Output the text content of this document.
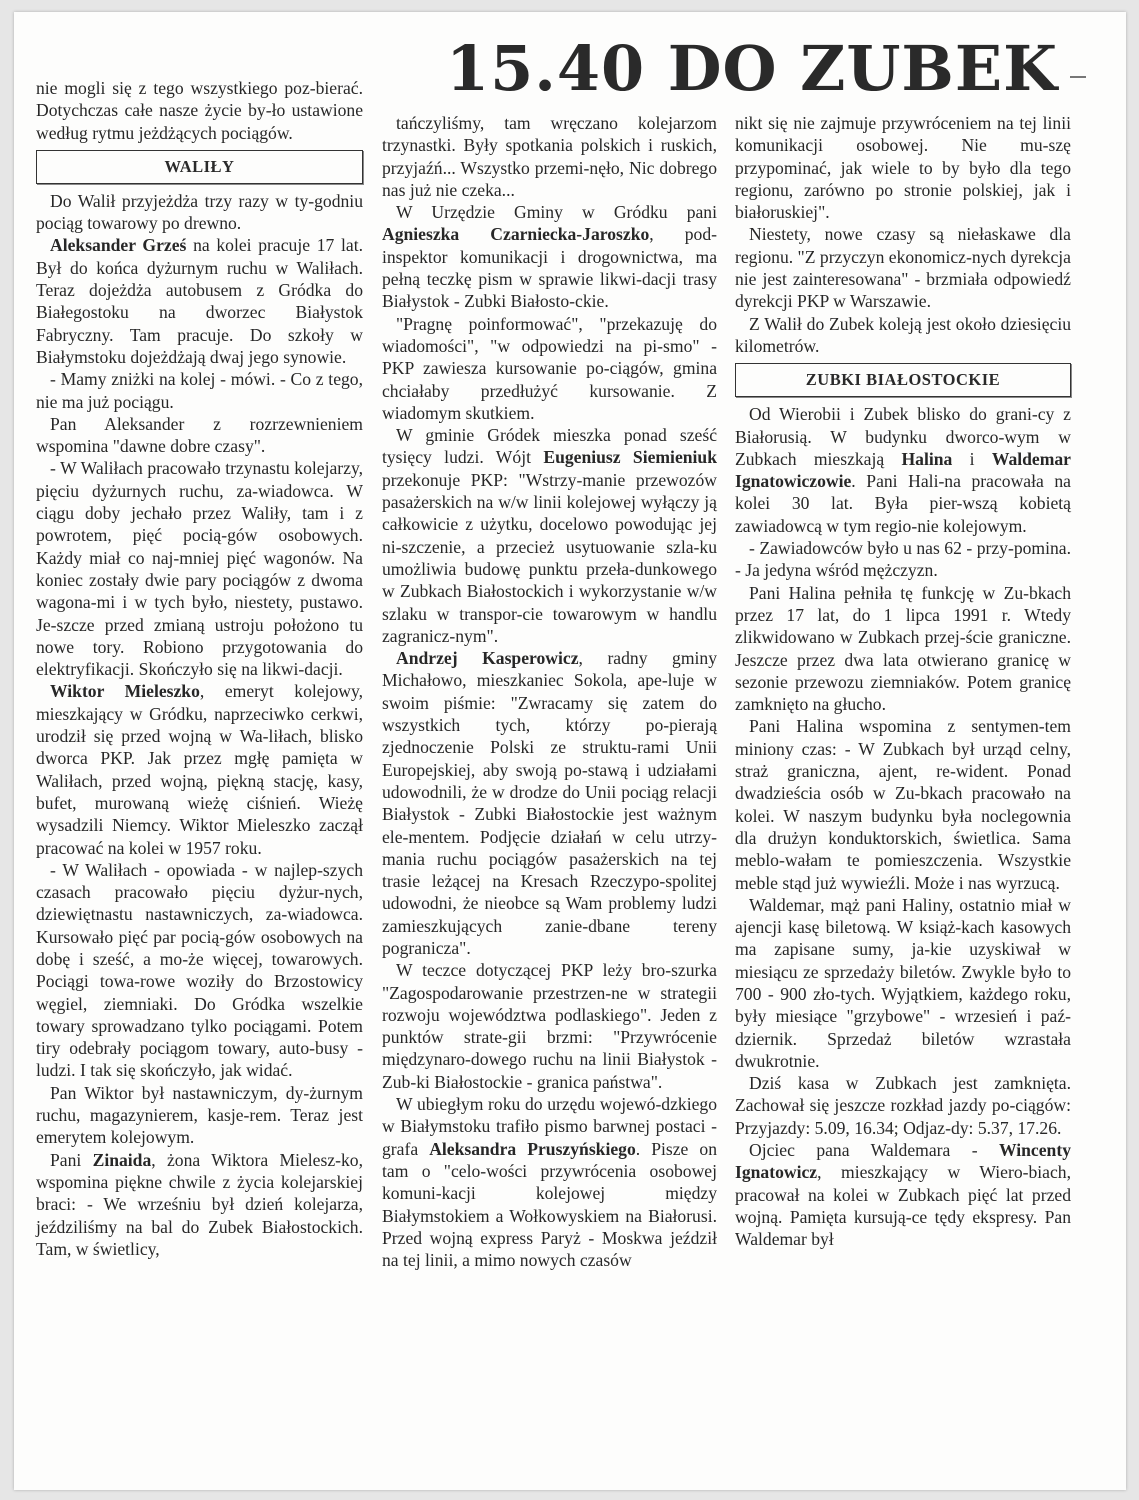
15.40 DO ZUBEK

nie mogli się z tego wszystkiego poz-bierać. Dotychczas całe nasze życie by-ło ustawione według rytmu jeżdżących pociągów.

WALIŁY

Do Walił przyjeżdża trzy razy w ty-godniu pociąg towarowy po drewno.

Aleksander Grześ na kolei pracuje 17 lat. Był do końca dyżurnym ruchu w Waliłach. Teraz dojeżdża autobusem z Gródka do Białegostoku na dworzec Białystok Fabryczny. Tam pracuje. Do szkoły w Białymstoku dojeżdżają dwaj jego synowie.

- Mamy zniżki na kolej - mówi. - Co z tego, nie ma już pociągu.

Pan Aleksander z rozrzewnieniem wspomina "dawne dobre czasy".

- W Waliłach pracowało trzynastu kolejarzy, pięciu dyżurnych ruchu, za-wiadowca. W ciągu doby jechało przez Waliły, tam i z powrotem, pięć pocią-gów osobowych. Każdy miał co naj-mniej pięć wagonów. Na koniec zostały dwie pary pociągów z dwoma wagona-mi i w tych było, niestety, pustawo. Je-szcze przed zmianą ustroju położono tu nowe tory. Robiono przygotowania do elektryfikacji. Skończyło się na likwi-dacji.

Wiktor Mieleszko, emeryt kolejowy, mieszkający w Gródku, naprzeciwko cerkwi, urodził się przed wojną w Wa-liłach, blisko dworca PKP. Jak przez mgłę pamięta w Waliłach, przed wojną, piękną stację, kasy, bufet, murowaną wieżę ciśnień. Wieżę wysadzili Niemcy. Wiktor Mieleszko zaczął pracować na kolei w 1957 roku.

- W Waliłach - opowiada - w najlep-szych czasach pracowało pięciu dyżur-nych, dziewiętnastu nastawniczych, za-wiadowca. Kursowało pięć par pocią-gów osobowych na dobę i sześć, a mo-że więcej, towarowych. Pociągi towa-rowe woziły do Brzostowicy węgiel, ziemniaki. Do Gródka wszelkie towary sprowadzano tylko pociągami. Potem tiry odebrały pociągom towary, auto-busy - ludzi. I tak się skończyło, jak widać.

Pan Wiktor był nastawniczym, dy-żurnym ruchu, magazynierem, kasje-rem. Teraz jest emerytem kolejowym.

Pani Zinaida, żona Wiktora Mielesz-ko, wspomina piękne chwile z życia kolejarskiej braci: - We wrześniu był dzień kolejarza, jeździliśmy na bal do Zubek Białostockich. Tam, w świetlicy,

tańczyliśmy, tam wręczano kolejarzom trzynastki. Były spotkania polskich i ruskich, przyjaźń... Wszystko przemi-nęło, Nic dobrego nas już nie czeka...

W Urzędzie Gminy w Gródku pani Agnieszka Czarniecka-Jaroszko, pod-inspektor komunikacji i drogownictwa, ma pełną teczkę pism w sprawie likwi-dacji trasy Białystok - Zubki Białosto-ckie.

"Pragnę poinformować", "przekazuję do wiadomości", "w odpowiedzi na pi-smo" - PKP zawiesza kursowanie po-ciągów, gmina chciałaby przedłużyć kursowanie. Z wiadomym skutkiem.

W gminie Gródek mieszka ponad sześć tysięcy ludzi. Wójt Eugeniusz Siemieniuk przekonuje PKP: "Wstrzy-manie przewozów pasażerskich na w/w linii kolejowej wyłączy ją całkowicie z użytku, docelowo powodując jej ni-szczenie, a przecież usytuowanie szla-ku umożliwia budowę punktu przeła-dunkowego w Zubkach Białostockich i wykorzystanie w/w szlaku w transpor-cie towarowym w handlu zagranicz-nym".

Andrzej Kasperowicz, radny gminy Michałowo, mieszkaniec Sokola, ape-luje w swoim piśmie: "Zwracamy się zatem do wszystkich tych, którzy po-pierają zjednoczenie Polski ze struktu-rami Unii Europejskiej, aby swoją po-stawą i udziałami udowodnili, że w drodze do Unii pociąg relacji Białystok - Zubki Białostockie jest ważnym ele-mentem. Podjęcie działań w celu utrzy-mania ruchu pociągów pasażerskich na tej trasie leżącej na Kresach Rzeczypo-spolitej udowodni, że nieobce są Wam problemy ludzi zamieszkujących zanie-dbane tereny pogranicza".

W teczce dotyczącej PKP leży bro-szurka "Zagospodarowanie przestrzen-ne w strategii rozwoju województwa podlaskiego". Jeden z punktów strate-gii brzmi: "Przywrócenie międzynaro-dowego ruchu na linii Białystok - Zub-ki Białostockie - granica państwa".

W ubiegłym roku do urzędu wojewó-dzkiego w Białymstoku trafiło pismo barwnej postaci - grafa Aleksandra Pruszyńskiego. Pisze on tam o "celo-wości przywrócenia osobowej komuni-kacji kolejowej między Białymstokiem a Wołkowyskiem na Białorusi. Przed wojną express Paryż - Moskwa jeździł na tej linii, a mimo nowych czasów

nikt się nie zajmuje przywróceniem na tej linii komunikacji osobowej. Nie mu-szę przypominać, jak wiele to by było dla tego regionu, zarówno po stronie polskiej, jak i białoruskiej".

Niestety, nowe czasy są niełaskawe dla regionu. "Z przyczyn ekonomicz-nych dyrekcja nie jest zainteresowana" - brzmiała odpowiedź dyrekcji PKP w Warszawie.

Z Walił do Zubek koleją jest około dziesięciu kilometrów.

ZUBKI BIAŁOSTOCKIE

Od Wierobii i Zubek blisko do grani-cy z Białorusią. W budynku dworco-wym w Zubkach mieszkają Halina i Waldemar Ignatowiczowie. Pani Hali-na pracowała na kolei 30 lat. Była pier-wszą kobietą zawiadowcą w tym regio-nie kolejowym.

- Zawiadowców było u nas 62 - przy-pomina. - Ja jedyna wśród mężczyzn.

Pani Halina pełniła tę funkcję w Zu-bkach przez 17 lat, do 1 lipca 1991 r. Wtedy zlikwidowano w Zubkach przej-ście graniczne. Jeszcze przez dwa lata otwierano granicę w sezonie przewozu ziemniaków. Potem granicę zamknięto na głucho.

Pani Halina wspomina z sentymen-tem miniony czas: - W Zubkach był urząd celny, straż graniczna, ajent, re-wident. Ponad dwadzieścia osób w Zu-bkach pracowało na kolei. W naszym budynku była noclegownia dla drużyn konduktorskich, świetlica. Sama meblo-wałam te pomieszczenia. Wszystkie meble stąd już wywieźli. Może i nas wyrzucą.

Waldemar, mąż pani Haliny, ostatnio miał w ajencji kasę biletową. W książ-kach kasowych ma zapisane sumy, ja-kie uzyskiwał w miesiącu ze sprzedaży biletów. Zwykle było to 700 - 900 zło-tych. Wyjątkiem, każdego roku, były miesiące "grzybowe" - wrzesień i paź-dziernik. Sprzedaż biletów wzrastała dwukrotnie.

Dziś kasa w Zubkach jest zamknięta. Zachował się jeszcze rozkład jazdy po-ciągów: Przyjazdy: 5.09, 16.34; Odjaz-dy: 5.37, 17.26.

Ojciec pana Waldemara - Wincenty Ignatowicz, mieszkający w Wiero-biach, pracował na kolei w Zubkach pięć lat przed wojną. Pamięta kursują-ce tędy ekspresy. Pan Waldemar był
